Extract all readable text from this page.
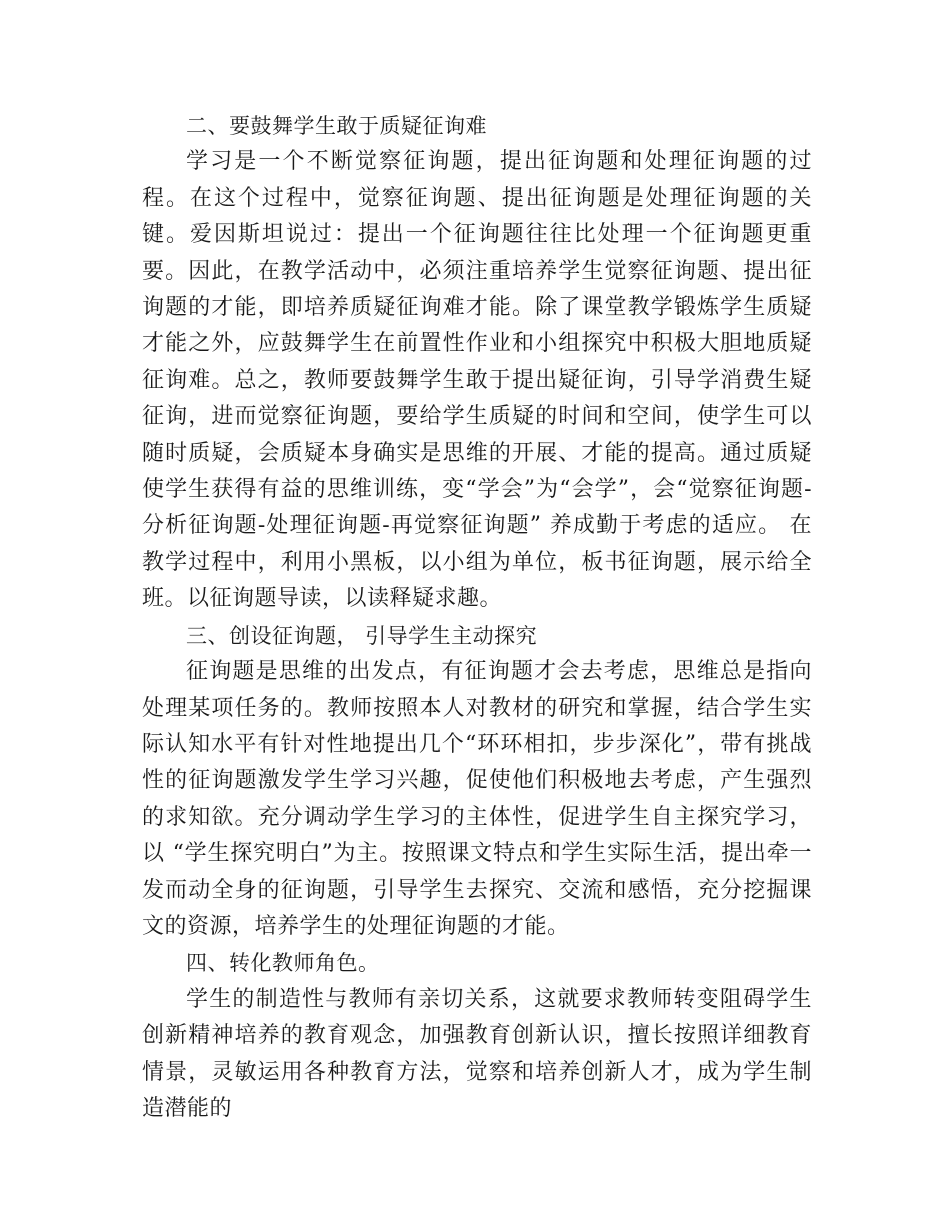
二、要鼓舞学生敢于质疑征询难

学习是一个不断觉察征询题，提出征询题和处理征询题的过程。在这个过程中，觉察征询题、提出征询题是处理征询题的关键。爱因斯坦说过：提出一个征询题往往比处理一个征询题更重要。因此，在教学活动中，必须注重培养学生觉察征询题、提出征询题的才能，即培养质疑征询难才能。除了课堂教学锻炼学生质疑才能之外，应鼓舞学生在前置性作业和小组探究中积极大胆地质疑征询难。总之，教师要鼓舞学生敢于提出疑征询，引导学消费生疑征询，进而觉察征询题，要给学生质疑的时间和空间，使学生可以随时质疑，会质疑本身确实是思维的开展、才能的提高。通过质疑使学生获得有益的思维训练，变“学会”为“会学”，会“觉察征询题-分析征询题-处理征询题-再觉察征询题” 养成勤于考虑的适应。 在教学过程中，利用小黑板，以小组为单位，板书征询题，展示给全班。以征询题导读，以读释疑求趣。

三、创设征询题， 引导学生主动探究

征询题是思维的出发点，有征询题才会去考虑，思维总是指向处理某项任务的。教师按照本人对教材的研究和掌握，结合学生实际认知水平有针对性地提出几个“环环相扣，步步深化”，带有挑战性的征询题激发学生学习兴趣，促使他们积极地去考虑，产生强烈的求知欲。充分调动学生学习的主体性，促进学生自主探究学习，以 “学生探究明白”为主。按照课文特点和学生实际生活，提出牵一发而动全身的征询题，引导学生去探究、交流和感悟，充分挖掘课文的资源，培养学生的处理征询题的才能。

四、转化教师角色。

学生的制造性与教师有亲切关系，这就要求教师转变阻碍学生创新精神培养的教育观念，加强教育创新认识，擅长按照详细教育情景，灵敏运用各种教育方法，觉察和培养创新人才，成为学生制造潜能的
